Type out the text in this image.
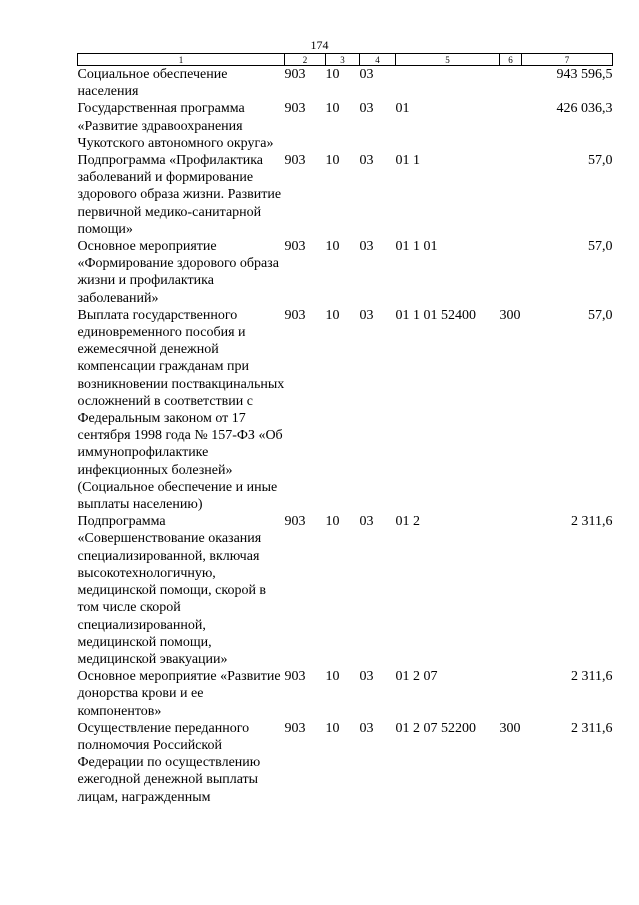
174
1	2	3	4	5	6	7
Социальное обеспечение населения	903	10	03			943 596,5
Государственная программа «Развитие здравоохранения Чукотского автономного округа»	903	10	03	01		426 036,3
Подпрограмма «Профилактика заболеваний и формирование здорового образа жизни. Развитие первичной медико-санитарной помощи»	903	10	03	01 1		57,0
Основное мероприятие «Формирование здорового образа жизни и профилактика заболеваний»	903	10	03	01 1 01		57,0
Выплата государственного единовременного пособия и ежемесячной денежной компенсации гражданам при возникновении поствакцинальных осложнений в соответствии с Федеральным законом от 17 сентября 1998 года № 157-ФЗ «Об иммунопрофилактике инфекционных болезней» (Социальное обеспечение и иные выплаты населению)	903	10	03	01 1 01 52400	300	57,0
Подпрограмма «Совершенствование оказания специализированной, включая высокотехнологичную, медицинской помощи, скорой в том числе скорой специализированной, медицинской помощи, медицинской эвакуации»	903	10	03	01 2		2 311,6
Основное мероприятие «Развитие донорства крови и ее компонентов»	903	10	03	01 2 07		2 311,6
Осуществление переданного полномочия Российской Федерации по осуществлению ежегодной денежной выплаты лицам, награжденным	903	10	03	01 2 07 52200	300	2 311,6
